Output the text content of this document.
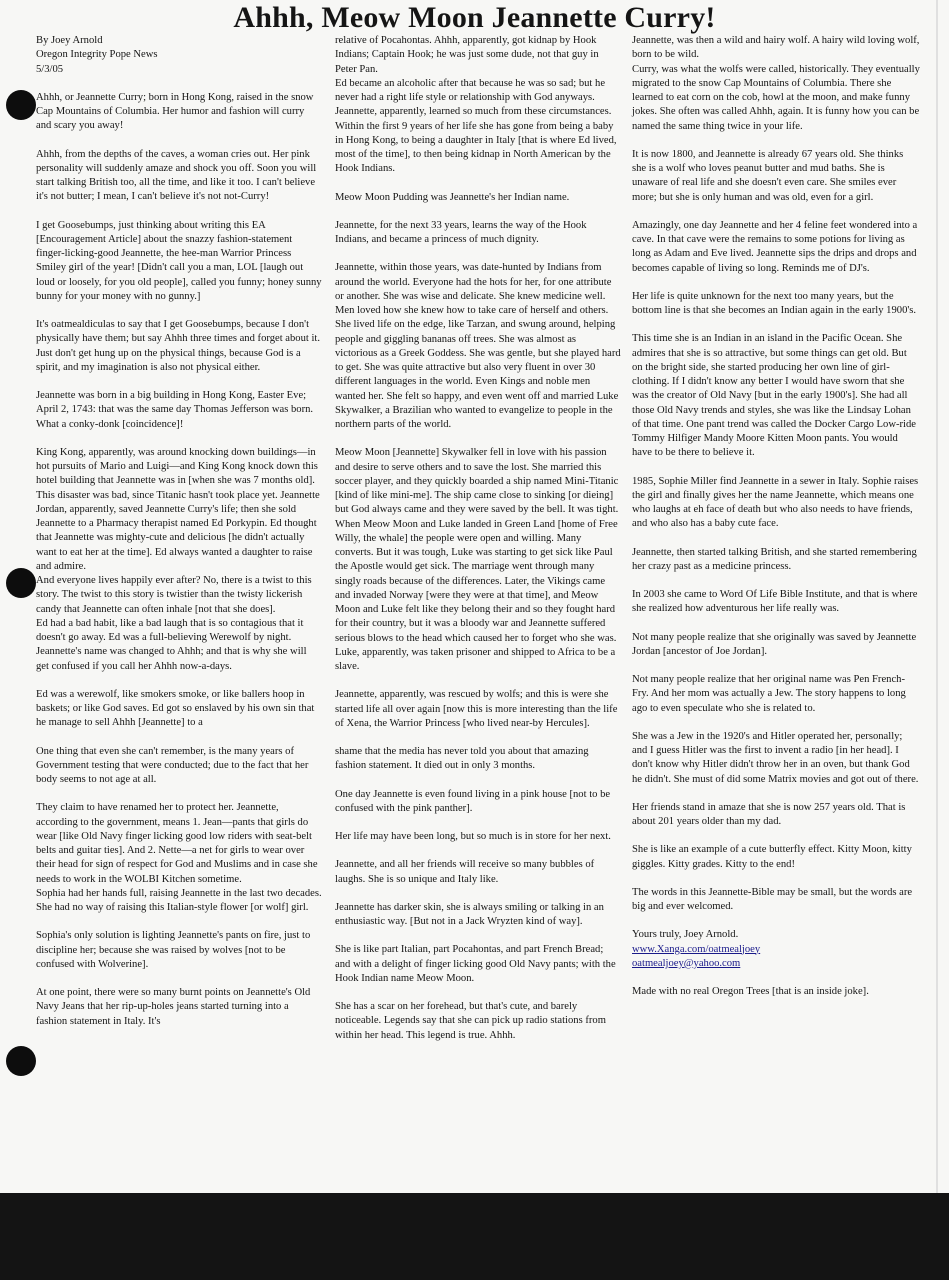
Ahhh, Meow Moon Jeannette Curry!
By Joey Arnold
Oregon Integrity Pope News
5/3/05

Ahhh, or Jeannette Curry; born in Hong Kong, raised in the snow Cap Mountains of Columbia. Her humor and fashion will curry and scary you away!

Ahhh, from the depths of the caves, a woman cries out. Her pink personality will suddenly amaze and shock you off. Soon you will start talking British too, all the time, and like it too. I can't believe it's not butter; I mean, I can't believe it's not not-Curry!

I get Goosebumps, just thinking about writing this EA [Encouragement Article] about the snazzy fashion-statement finger-licking-good Jeannette, the hee-man Warrior Princess Smiley girl of the year! [Didn't call you a man, LOL [laugh out loud or loosely, for you old people], called you funny; honey sunny bunny for your money with no gunny.]

It's oatmealdiculas to say that I get Goosebumps, because I don't physically have them; but say Ahhh three times and forget about it. Just don't get hung up on the physical things, because God is a spirit, and my imagination is also not physical either.

Jeannette was born in a big building in Hong Kong, Easter Eve; April 2, 1743: that was the same day Thomas Jefferson was born. What a conky-donk [coincidence]!

King Kong, apparently, was around knocking down buildings—in hot pursuits of Mario and Luigi—and King Kong knock down this hotel building that Jeannette was in [when she was 7 months old].

This disaster was bad, since Titanic hasn't took place yet. Jeannette Jordan, apparently, saved Jeannette Curry's life; then she sold Jeannette to a Pharmacy therapist named Ed Porkypin. Ed thought that Jeannette was mighty-cute and delicious [he didn't actually want to eat her at the time]. Ed always wanted a daughter to raise and admire.

And everyone lives happily ever after? No, there is a twist to this story. The twist to this story is twistier than the twisty lickerish candy that Jeannette can often inhale [not that she does].

Ed had a bad habit, like a bad laugh that is so contagious that it doesn't go away. Ed was a full-believing Werewolf by night. Jeannette's name was changed to Ahhh; and that is why she will get confused if you call her Ahhh now-a-days.

Ed was a werewolf, like smokers smoke, or like ballers hoop in baskets; or like God saves. Ed got so enslaved by his own sin that he manage to sell Ahhh [Jeannette] to a

One thing that even she can't remember, is the many years of Government testing that were conducted; due to the fact that her body seems to not age at all.

They claim to have renamed her to protect her. Jeannette, according to the government, means 1. Jean—pants that girls do wear [like Old Navy finger licking good low riders with seat-belt belts and guitar ties]. And 2. Nette—a net for girls to wear over their head for sign of respect for God and Muslims and in case she needs to work in the WOLBI Kitchen sometime.

Sophia had her hands full, raising Jeannette in the last two decades. She had no way of raising this Italian-style flower [or wolf] girl.

Sophia's only solution is lighting Jeannette's pants on fire, just to discipline her; because she was raised by wolves [not to be confused with Wolverine].

At one point, there were so many burnt points on Jeannette's Old Navy Jeans that her rip-up-holes jeans started turning into a fashion statement in Italy. It's

relative of Pocahontas. Ahhh, apparently, got kidnap by Hook Indians; Captain Hook; he was just some dude, not that guy in Peter Pan.

Ed became an alcoholic after that because he was so sad; but he never had a right life style or relationship with God anyways.

Jeannette, apparently, learned so much from these circumstances. Within the first 9 years of her life she has gone from being a baby in Hong Kong, to being a daughter in Italy [that is where Ed lived, most of the time], to then being kidnap in North American by the Hook Indians.

Meow Moon Pudding was Jeannette's her Indian name.

Jeannette, for the next 33 years, learns the way of the Hook Indians, and became a princess of much dignity.

Jeannette, within those years, was date-hunted by Indians from around the world. Everyone had the hots for her, for one attribute or another. She was wise and delicate. She knew medicine well. Men loved how she knew how to take care of herself and others. She lived life on the edge, like Tarzan, and swung around, helping people and giggling bananas off trees. She was almost as victorious as a Greek Goddess. She was gentle, but she played hard to get. She was quite attractive but also very fluent in over 30 different languages in the world. Even Kings and noble men wanted her. She felt so happy, and even went off and married Luke Skywalker, a Brazilian who wanted to evangelize to people in the northern parts of the world.

Meow Moon [Jeannette] Skywalker fell in love with his passion and desire to serve others and to save the lost. She married this soccer player, and they quickly boarded a ship named Mini-Titanic [kind of like mini-me]. The ship came close to sinking [or dieing] but God always came and they were saved by the bell. It was tight. When Meow Moon and Luke landed in Green Land [home of Free Willy, the whale] the people were open and willing. Many converts. But it was tough, Luke was starting to get sick like Paul the Apostle would get sick. The marriage went through many singly roads because of the differences. Later, the Vikings came and invaded Norway [were they were at that time], and Meow Moon and Luke felt like they belong their and so they fought hard for their country, but it was a bloody war and Jeannette suffered serious blows to the head which caused her to forget who she was. Luke, apparently, was taken prisoner and shipped to Africa to be a slave.

Jeannette, apparently, was rescued by wolfs; and this is were she started life all over again [now this is more interesting than the life of Xena, the Warrior Princess [who lived near-by Hercules].

shame that the media has never told you about that amazing fashion statement. It died out in only 3 months.

One day Jeannette is even found living in a pink house [not to be confused with the pink panther].

Her life may have been long, but so much is in store for her next.

Jeannette, and all her friends will receive so many bubbles of laughs. She is so unique and Italy like.

Jeannette has darker skin, she is always smiling or talking in an enthusiastic way. [But not in a Jack Wryzten kind of way].

She is like part Italian, part Pocahontas, and part French Bread; and with a delight of finger licking good Old Navy pants; with the Hook Indian name Meow Moon.

She has a scar on her forehead, but that's cute, and barely noticeable. Legends say that she can pick up radio stations from within her head. This legend is true. Ahhh.

Jeannette, was then a wild and hairy wolf. A hairy wild loving wolf, born to be wild.

Curry, was what the wolfs were called, historically. They eventually migrated to the snow Cap Mountains of Columbia. There she learned to eat corn on the cob, howl at the moon, and make funny jokes. She often was called Ahhh, again. It is funny how you can be named the same thing twice in your life.

It is now 1800, and Jeannette is already 67 years old. She thinks she is a wolf who loves peanut butter and mud baths. She is unaware of real life and she doesn't even care. She smiles ever more; but she is only human and was old, even for a girl.

Amazingly, one day Jeannette and her 4 feline feet wondered into a cave. In that cave were the remains to some potions for living as long as Adam and Eve lived. Jeannette sips the drips and drops and becomes capable of living so long. Reminds me of DJ's.

Her life is quite unknown for the next too many years, but the bottom line is that she becomes an Indian again in the early 1900's.

This time she is an Indian in an island in the Pacific Ocean. She admires that she is so attractive, but some things can get old. But on the bright side, she started producing her own line of girl-clothing. If I didn't know any better I would have sworn that she was the creator of Old Navy [but in the early 1900's]. She had all those Old Navy trends and styles, she was like the Lindsay Lohan of that time. One pant trend was called the Docker Cargo Low-ride Tommy Hilfiger Mandy Moore Kitten Moon pants. You would have to be there to believe it.

1985, Sophie Miller find Jeannette in a sewer in Italy. Sophie raises the girl and finally gives her the name Jeannette, which means one who laughs at eh face of death but who also needs to have friends, and who also has a baby cute face.

Jeannette, then started talking British, and she started remembering her crazy past as a medicine princess.

In 2003 she came to Word Of Life Bible Institute, and that is where she realized how adventurous her life really was.

Not many people realize that she originally was saved by Jeannette Jordan [ancestor of Joe Jordan].

Not many people realize that her original name was Pen French-Fry. And her mom was actually a Jew. The story happens to long ago to even speculate who she is related to.

She was a Jew in the 1920's and Hitler operated her, personally; and I guess Hitler was the first to invent a radio [in her head]. I don't know why Hitler didn't throw her in an oven, but thank God he didn't. She must of did some Matrix movies and got out of there.

Her friends stand in amaze that she is now 257 years old. That is about 201 years older than my dad.

She is like an example of a cute butterfly effect. Kitty Moon, kitty giggles. Kitty grades. Kitty to the end!

The words in this Jeannette-Bible may be small, but the words are big and ever welcomed.

Yours truly, Joey Arnold.
www.Xanga.com/oatmealjoey
oatmealjoey@yahoo.com
Made with no real Oregon Trees [that is an inside joke].
